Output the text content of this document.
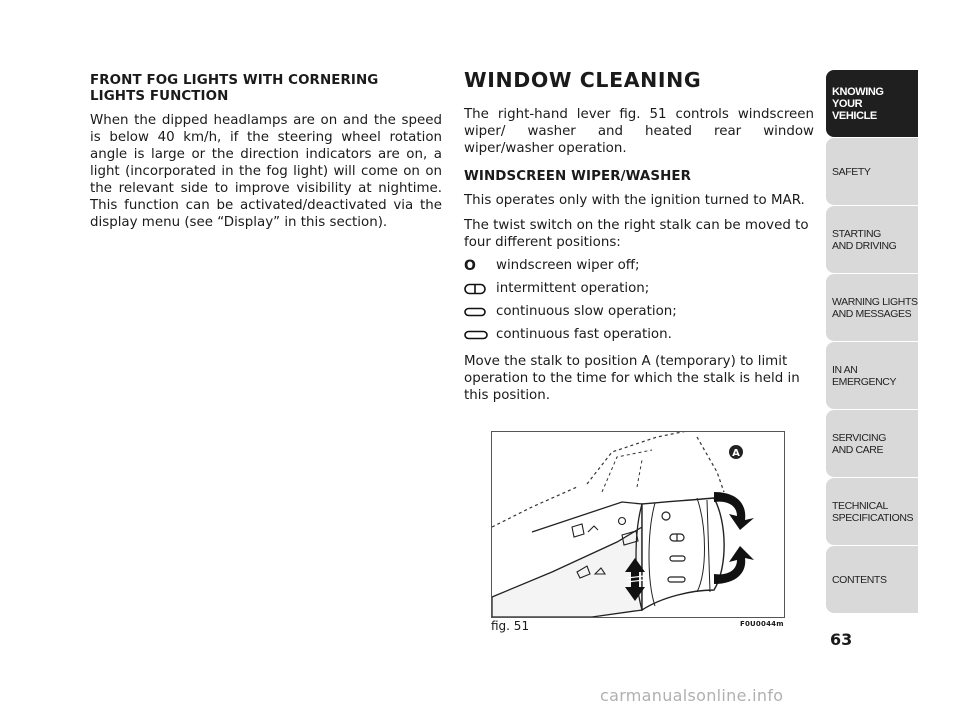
FRONT FOG LIGHTS WITH CORNERING
LIGHTS FUNCTION

When the dipped headlamps are on and the speed is below 40 km/h, if the steering wheel rotation angle is large or the direction indicators are on, a light (incorporated in the fog light) will come on on the relevant side to improve visibility at nightime. This function can be activated/deactivated via the display menu (see “Display” in this section).

WINDOW CLEANING

The right-hand lever fig. 51 controls windscreen wiper/ washer and heated rear window wiper/washer operation.

WINDSCREEN WIPER/WASHER

This operates only with the ignition turned to MAR.

The twist switch on the right stalk can be moved to four different positions:

O windscreen wiper off;
intermittent operation;
continuous slow operation;
continuous fast operation.

Move the stalk to position A (temporary) to limit operation to the time for which the stalk is held in this position.

A
fig. 51	F0U0044m
63
KNOWING
YOUR
VEHICLE
SAFETY
STARTING
AND DRIVING
WARNING LIGHTS
AND MESSAGES
IN AN
EMERGENCY
SERVICING
AND CARE
TECHNICAL
SPECIFICATIONS
CONTENTS
carmanualsonline.info
